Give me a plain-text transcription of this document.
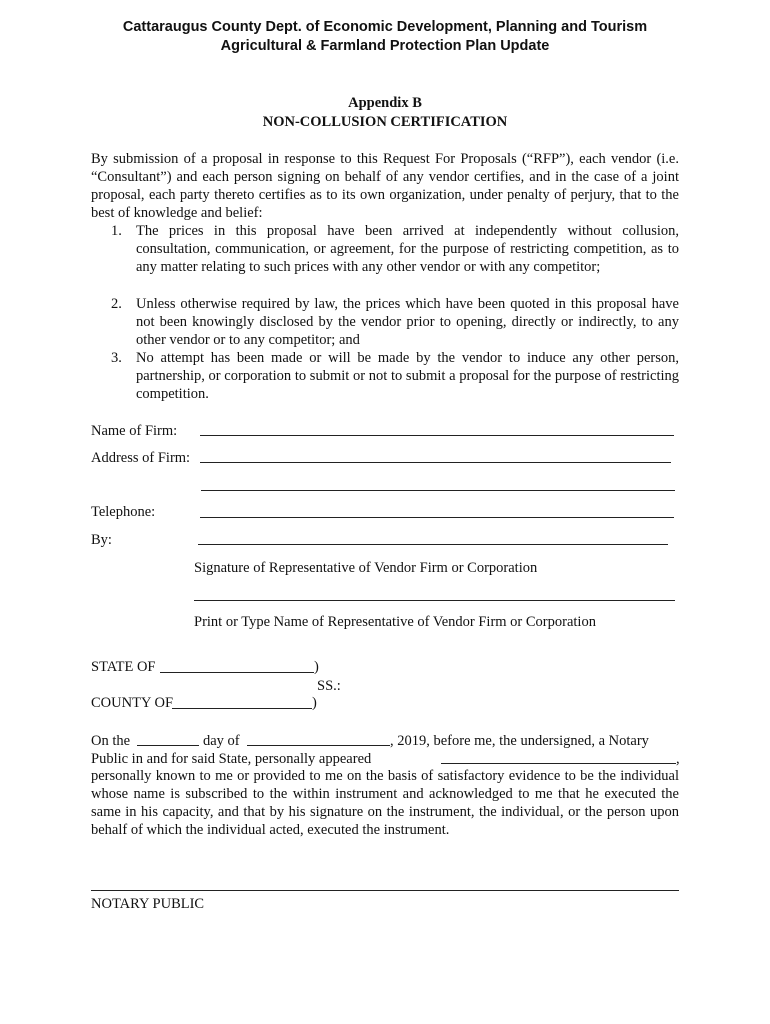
Cattaraugus County Dept. of Economic Development, Planning and Tourism
Agricultural & Farmland Protection Plan Update
Appendix B
NON-COLLUSION CERTIFICATION
By submission of a proposal in response to this Request For Proposals (“RFP”), each vendor (i.e. “Consultant”) and each person signing on behalf of any vendor certifies, and in the case of a joint proposal, each party thereto certifies as to its own organization, under penalty of perjury, that to the best of knowledge and belief:
1. The prices in this proposal have been arrived at independently without collusion, consultation, communication, or agreement, for the purpose of restricting competition, as to any matter relating to such prices with any other vendor or with any competitor;
2. Unless otherwise required by law, the prices which have been quoted in this proposal have not been knowingly disclosed by the vendor prior to opening, directly or indirectly, to any other vendor or to any competitor; and
3. No attempt has been made or will be made by the vendor to induce any other person, partnership, or corporation to submit or not to submit a proposal for the purpose of restricting competition.
Name of Firm:
Address of Firm:
Telephone:
By:
Signature of Representative of Vendor Firm or Corporation
Print or Type Name of Representative of Vendor Firm or Corporation
STATE OF	)
SS.:
COUNTY OF	)
On the	day of	, 2019, before me, the undersigned, a Notary
Public in and for said State, personally appeared	,
personally known to me or provided to me on the basis of satisfactory evidence to be the individual whose name is subscribed to the within instrument and acknowledged to me that he executed the same in his capacity, and that by his signature on the instrument, the individual, or the person upon behalf of which the individual acted, executed the instrument.
NOTARY PUBLIC
